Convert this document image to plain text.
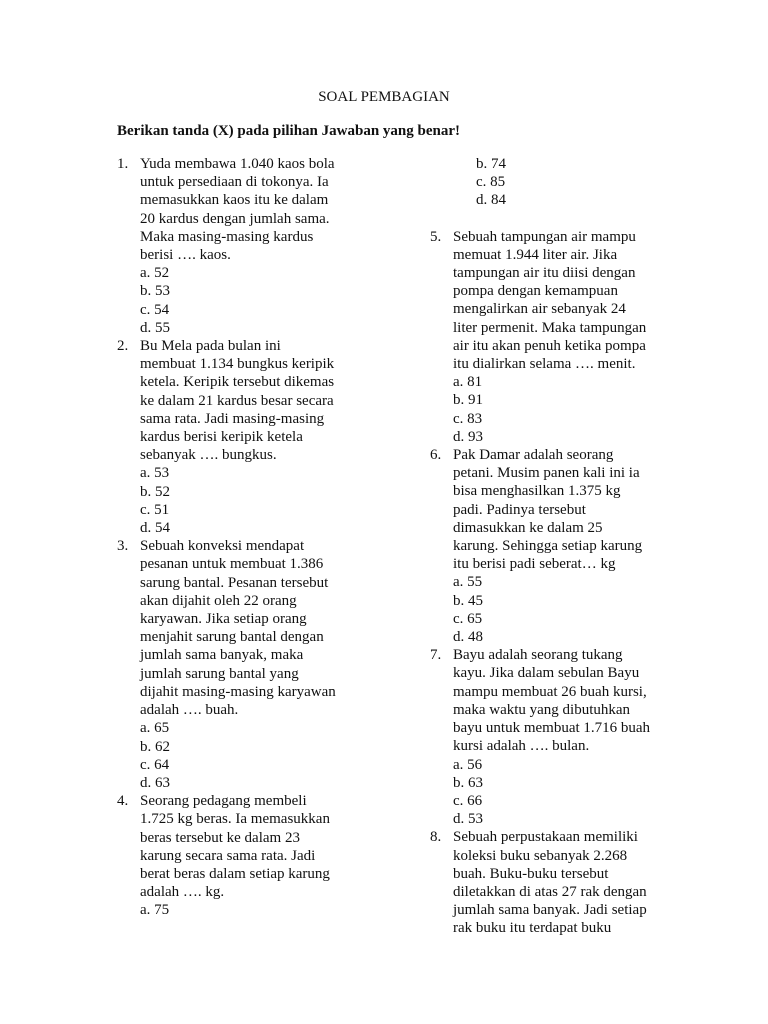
SOAL PEMBAGIAN
Berikan tanda (X) pada pilihan Jawaban yang benar!
1. Yuda membawa 1.040 kaos bola
untuk persediaan di tokonya. Ia
memasukkan kaos itu ke dalam
20 kardus dengan jumlah sama.
Maka masing-masing kardus
berisi …. kaos.
a. 52
b. 53
c. 54
d. 55
2. Bu Mela pada bulan ini
membuat 1.134 bungkus keripik
ketela. Keripik tersebut dikemas
ke dalam 21 kardus besar secara
sama rata. Jadi masing-masing
kardus berisi keripik ketela
sebanyak …. bungkus.
a. 53
b. 52
c. 51
d. 54
3. Sebuah konveksi mendapat
pesanan untuk membuat 1.386
sarung bantal. Pesanan tersebut
akan dijahit oleh 22 orang
karyawan. Jika setiap orang
menjahit sarung bantal dengan
jumlah sama banyak, maka
jumlah sarung bantal yang
dijahit masing-masing karyawan
adalah …. buah.
a. 65
b. 62
c. 64
d. 63
4. Seorang pedagang membeli
1.725 kg beras. Ia memasukkan
beras tersebut ke dalam 23
karung secara sama rata. Jadi
berat beras dalam setiap karung
adalah …. kg.
a. 75
b. 74
c. 85
d. 84
5. Sebuah tampungan air mampu
memuat 1.944 liter air. Jika
tampungan air itu diisi dengan
pompa dengan kemampuan
mengalirkan air sebanyak 24
liter permenit. Maka tampungan
air itu akan penuh ketika pompa
itu dialirkan selama …. menit.
a. 81
b. 91
c. 83
d. 93
6. Pak Damar adalah seorang
petani. Musim panen kali ini ia
bisa menghasilkan 1.375 kg
padi. Padinya tersebut
dimasukkan ke dalam 25
karung. Sehingga setiap karung
itu berisi padi seberat… kg
a. 55
b. 45
c. 65
d. 48
7. Bayu adalah seorang tukang
kayu. Jika dalam sebulan Bayu
mampu membuat 26 buah kursi,
maka waktu yang dibutuhkan
bayu untuk membuat 1.716 buah
kursi adalah …. bulan.
a. 56
b. 63
c. 66
d. 53
8. Sebuah perpustakaan memiliki
koleksi buku sebanyak 2.268
buah. Buku-buku tersebut
diletakkan di atas 27 rak dengan
jumlah sama banyak. Jadi setiap
rak buku itu terdapat buku
